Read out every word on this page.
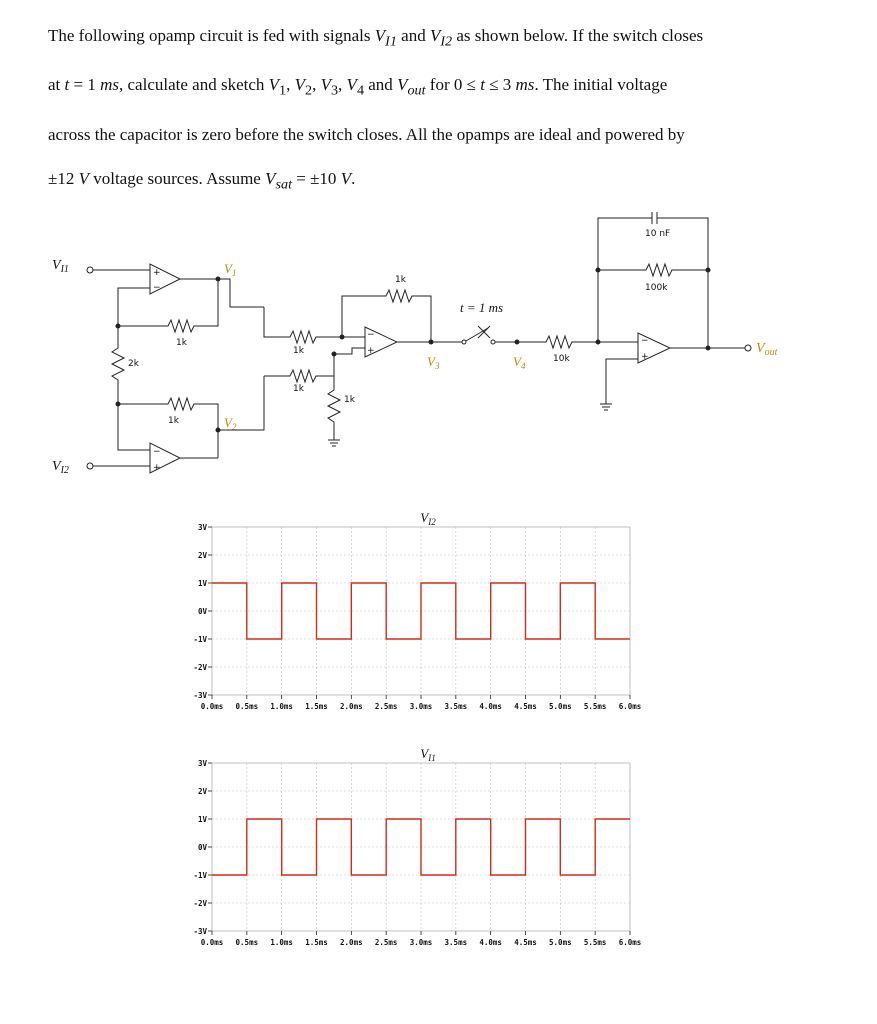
The following opamp circuit is fed with signals $V_{I1}$ and $V_{I2}$ as shown below. If the switch closes

at t = 1 ms, calculate and sketch $V_1$, $V_2$, $V_3$, $V_4$ and $V_{out}$ for 0 ≤ t ≤ 3 ms. The initial voltage

across the capacitor is zero before the switch closes. All the opamps are ideal and powered by

±12 V voltage sources. Assume $V_{sat} = \pm 10$ V.

$V_{I1}$
$V_{I2}$
+
−
−
+
1k
2k
1k
$V_1$
$V_2$
1k
1k
1k
−
+
1k
$V_3$
t = 1 ms
$V_4$
10k
−
+
100k
10 nF
$V_{out}$
$V_{I2}$
3V
2V
1V
0V
-1V
-2V
-3V
0.0ms 0.5ms 1.0ms 1.5ms 2.0ms 2.5ms 3.0ms 3.5ms 4.0ms 4.5ms 5.0ms 5.5ms 6.0ms
$V_{I1}$
3V
2V
1V
0V
-1V
-2V
-3V
0.0ms 0.5ms 1.0ms 1.5ms 2.0ms 2.5ms 3.0ms 3.5ms 4.0ms 4.5ms 5.0ms 5.5ms 6.0ms
